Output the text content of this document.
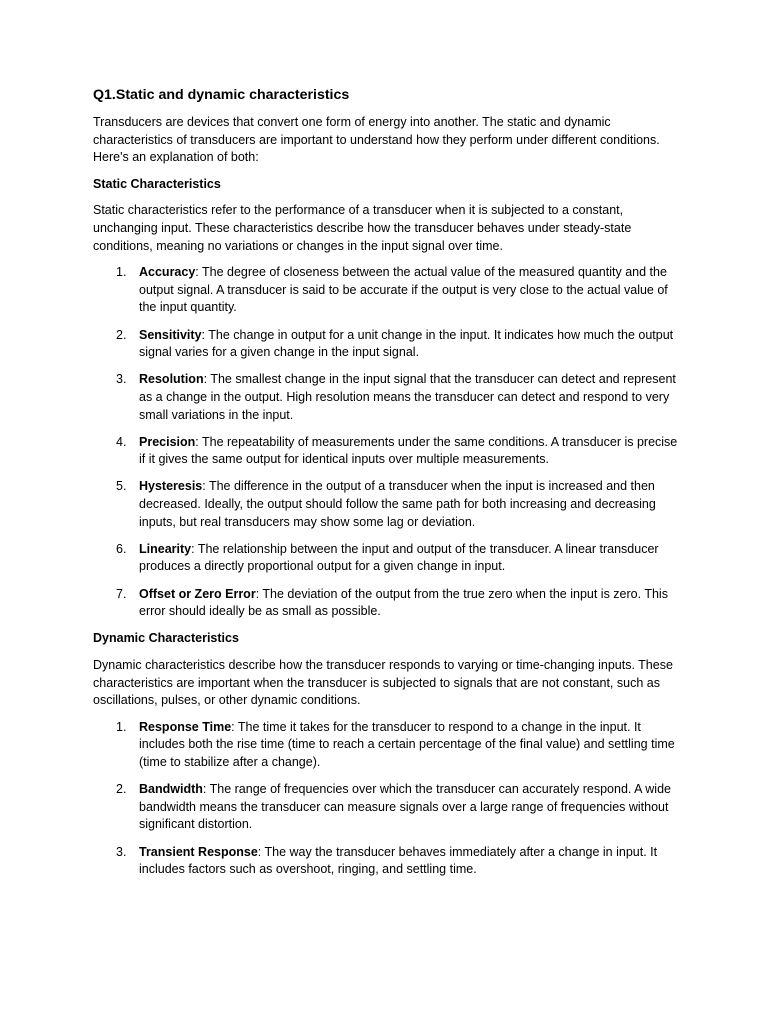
Q1.Static and dynamic characteristics

Transducers are devices that convert one form of energy into another. The static and dynamic characteristics of transducers are important to understand how they perform under different conditions. Here's an explanation of both:

Static Characteristics

Static characteristics refer to the performance of a transducer when it is subjected to a constant, unchanging input. These characteristics describe how the transducer behaves under steady-state conditions, meaning no variations or changes in the input signal over time.

1. Accuracy: The degree of closeness between the actual value of the measured quantity and the output signal. A transducer is said to be accurate if the output is very close to the actual value of the input quantity.
2. Sensitivity: The change in output for a unit change in the input. It indicates how much the output signal varies for a given change in the input signal.
3. Resolution: The smallest change in the input signal that the transducer can detect and represent as a change in the output. High resolution means the transducer can detect and respond to very small variations in the input.
4. Precision: The repeatability of measurements under the same conditions. A transducer is precise if it gives the same output for identical inputs over multiple measurements.
5. Hysteresis: The difference in the output of a transducer when the input is increased and then decreased. Ideally, the output should follow the same path for both increasing and decreasing inputs, but real transducers may show some lag or deviation.
6. Linearity: The relationship between the input and output of the transducer. A linear transducer produces a directly proportional output for a given change in input.
7. Offset or Zero Error: The deviation of the output from the true zero when the input is zero. This error should ideally be as small as possible.
Dynamic Characteristics

Dynamic characteristics describe how the transducer responds to varying or time-changing inputs. These characteristics are important when the transducer is subjected to signals that are not constant, such as oscillations, pulses, or other dynamic conditions.

1. Response Time: The time it takes for the transducer to respond to a change in the input. It includes both the rise time (time to reach a certain percentage of the final value) and settling time (time to stabilize after a change).
2. Bandwidth: The range of frequencies over which the transducer can accurately respond. A wide bandwidth means the transducer can measure signals over a large range of frequencies without significant distortion.
3. Transient Response: The way the transducer behaves immediately after a change in input. It includes factors such as overshoot, ringing, and settling time.
